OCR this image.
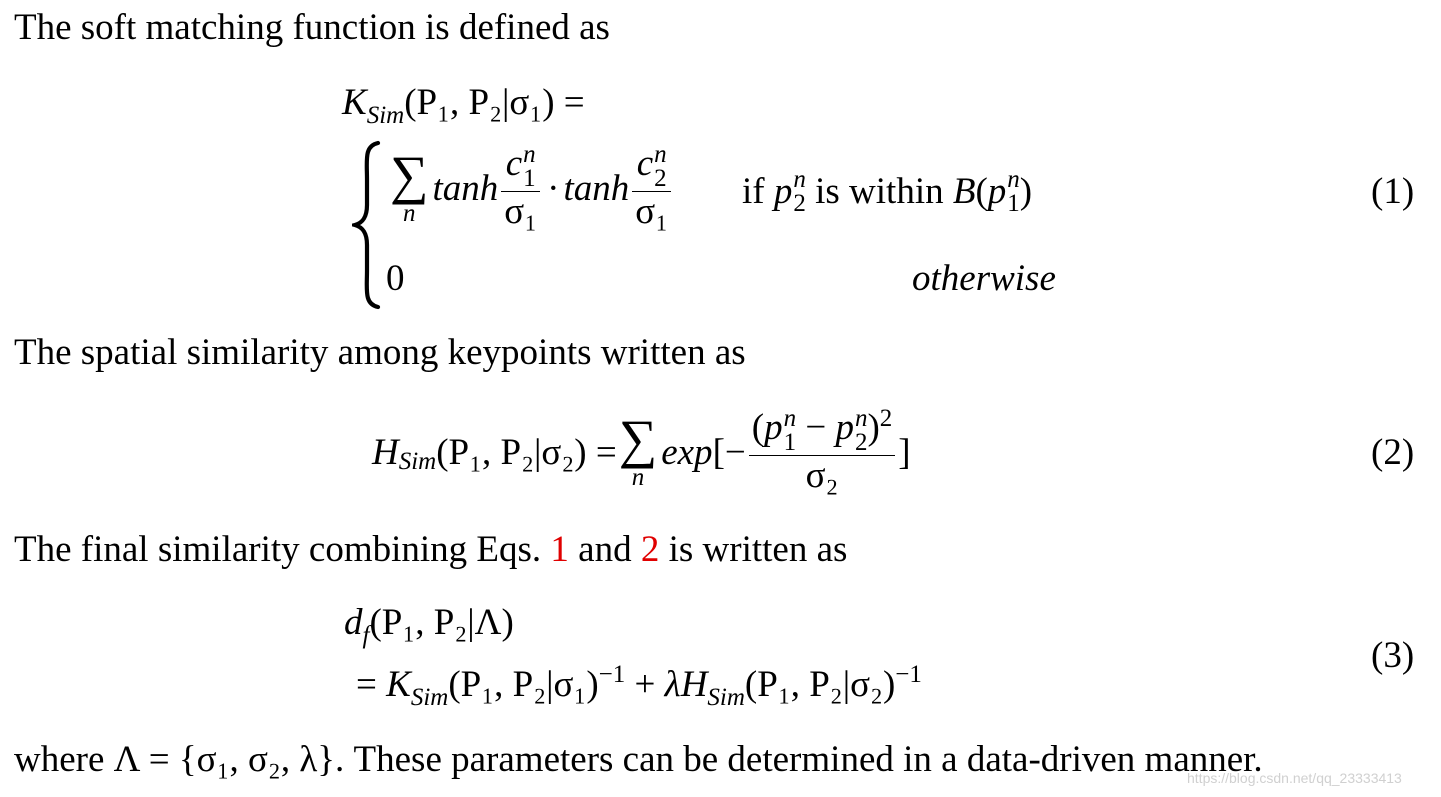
The soft matching function is defined as
$K_{Sim}(P_1$, P₂|σ₁) =
∑
n
tanh c n
1
σ₁ · tanh c n
2
σ₁ if
p n
2
is within
B ( p n
1 )
0	otherwise
(1)
The spatial similarity among keypoints written as
H Sim (P₁, P₂|σ₂) = ∑
n
exp [− (p n
1 − p n
2 )$^2$
σ₂ ]	(2)
The final similarity combining Eqs. 1 and 2 is written as
$d_f(P_1$, P₂|Λ)
= $K_{Sim}(P_1$, $P_2|\sigma_1)^{-1} + \lambda H_{Sim}(P_1$, P₂|σ₂)$^{-1}$	(3)
where Λ = {σ₁, σ₂, λ}. These parameters can be determined in a data-driven manner.
https://blog.csdn.net/qq_23333413
